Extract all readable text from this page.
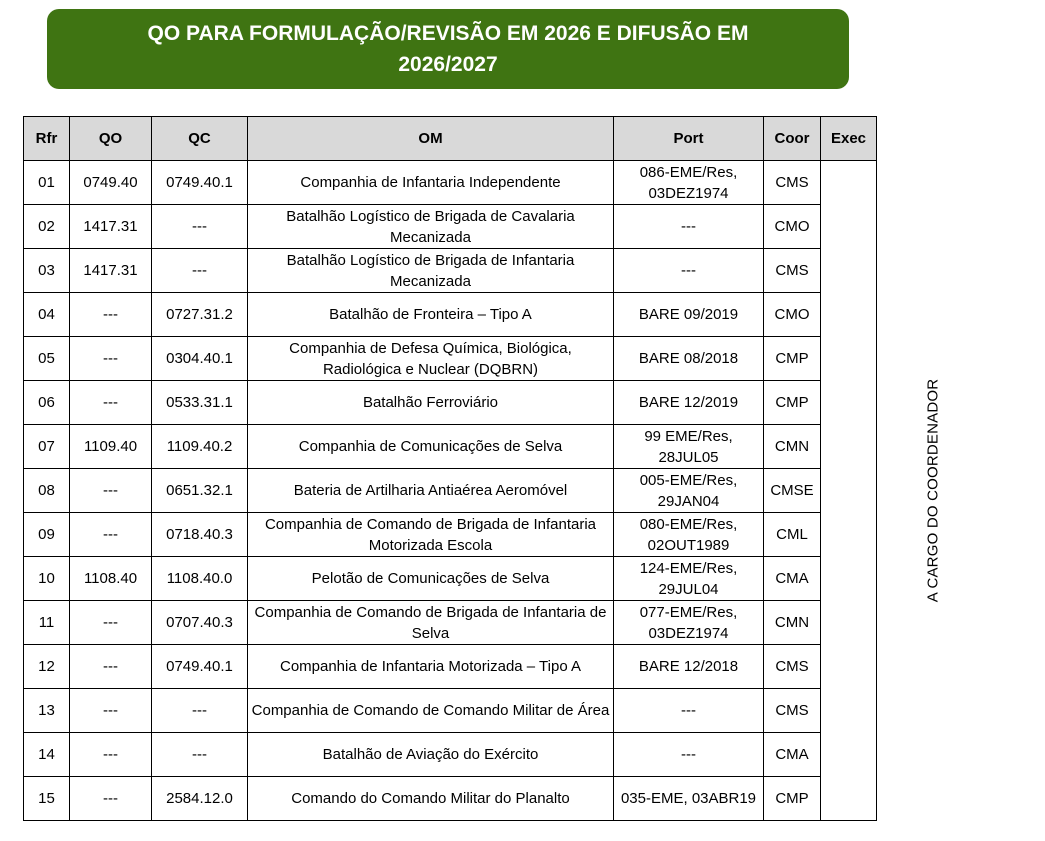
QO PARA FORMULAÇÃO/REVISÃO EM 2026 E DIFUSÃO EM 2026/2027
Rfr	QO	QC	OM	Port	Coor	Exec
01	0749.40	0749.40.1	Companhia de Infantaria Independente	086-EME/Res, 03DEZ1974	CMS	A CARGO DO COORDENADOR
02	1417.31	---	Batalhão Logístico de Brigada de Cavalaria Mecanizada	---	CMO	
03	1417.31	---	Batalhão Logístico de Brigada de Infantaria Mecanizada	---	CMS	
04	---	0727.31.2	Batalhão de Fronteira – Tipo A	BARE 09/2019	CMO	
05	---	0304.40.1	Companhia de Defesa Química, Biológica, Radiológica e Nuclear (DQBRN)	BARE 08/2018	CMP	
06	---	0533.31.1	Batalhão Ferroviário	BARE 12/2019	CMP	
07	1109.40	1109.40.2	Companhia de Comunicações de Selva	99 EME/Res, 28JUL05	CMN	
08	---	0651.32.1	Bateria de Artilharia Antiaérea Aeromóvel	005-EME/Res, 29JAN04	CMSE	
09	---	0718.40.3	Companhia de Comando de Brigada de Infantaria Motorizada Escola	080-EME/Res, 02OUT1989	CML	
10	1108.40	1108.40.0	Pelotão de Comunicações de Selva	124-EME/Res, 29JUL04	CMA	
11	---	0707.40.3	Companhia de Comando de Brigada de Infantaria de Selva	077-EME/Res, 03DEZ1974	CMN	
12	---	0749.40.1	Companhia de Infantaria Motorizada – Tipo A	BARE 12/2018	CMS	
13	---	---	Companhia de Comando de Comando Militar de Área	---	CMS	
14	---	---	Batalhão de Aviação do Exército	---	CMA	
15	---	2584.12.0	Comando do Comando Militar do Planalto	035-EME, 03ABR19	CMP	
